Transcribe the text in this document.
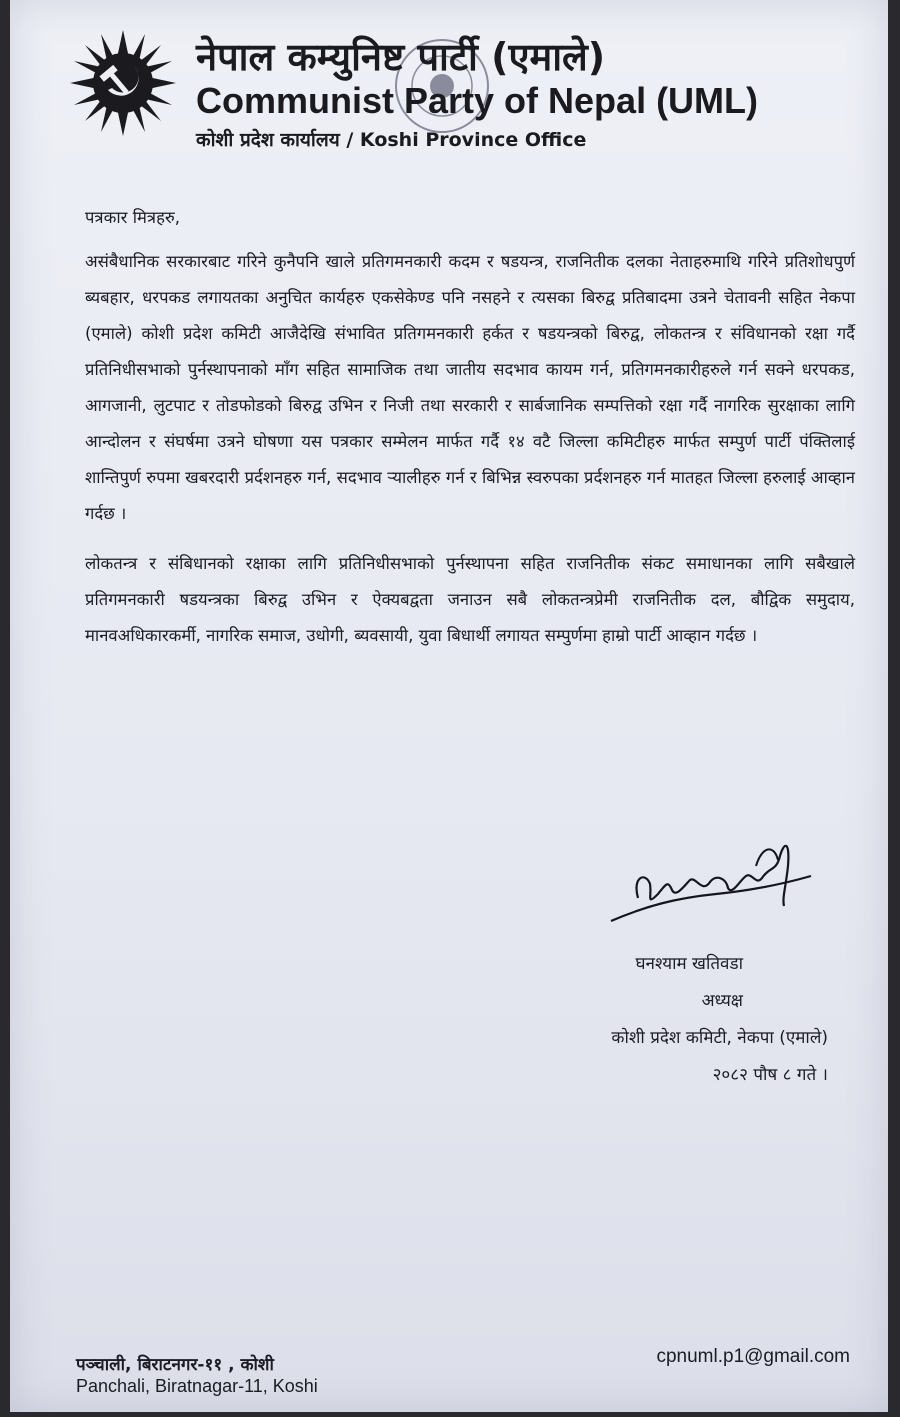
नेपाल कम्युनिष्ट पार्टी (एमाले)
Communist Party of Nepal (UML)
कोशी प्रदेश कार्यालय / Koshi Province Office

पत्रकार मित्रहरु,

असंबैधानिक सरकारबाट गरिने कुनैपनि खाले प्रतिगमनकारी कदम र षडयन्त्र, राजनितीक दलका नेताहरुमाथि गरिने प्रतिशोधपुर्ण ब्यबहार, धरपकड लगायतका अनुचित कार्यहरु एकसेकेण्ड पनि नसहने र त्यसका बिरुद्व प्रतिबादमा उत्रने चेतावनी सहित नेकपा (एमाले) कोशी प्रदेश कमिटी आजैदेखि संभावित प्रतिगमनकारी हर्कत र षडयन्त्रको बिरुद्व, लोकतन्त्र र संविधानको रक्षा गर्दै प्रतिनिधीसभाको पुर्नस्थापनाको माँग सहित सामाजिक तथा जातीय सदभाव कायम गर्न, प्रतिगमनकारीहरुले गर्न सक्ने धरपकड, आगजानी, लुटपाट र तोडफोडको बिरुद्व उभिन र निजी तथा सरकारी र सार्बजानिक सम्पत्तिको रक्षा गर्दै नागरिक सुरक्षाका लागि आन्दोलन र संघर्षमा उत्रने घोषणा यस पत्रकार सम्मेलन मार्फत गर्दै १४ वटै जिल्ला कमिटीहरु मार्फत सम्पुर्ण पार्टी पंक्तिलाई शान्तिपुर्ण रुपमा खबरदारी प्रर्दशनहरु गर्न, सदभाव र्‍यालीहरु गर्न र बिभिन्न स्वरुपका प्रर्दशनहरु गर्न मातहत जिल्ला हरुलाई आव्हान गर्दछ ।

लोकतन्त्र र संबिधानको रक्षाका लागि प्रतिनिधीसभाको पुर्नस्थापना सहित राजनितीक संकट समाधानका लागि सबैखाले प्रतिगमनकारी षडयन्त्रका बिरुद्व उभिन र ऐक्यबद्वता जनाउन सबै लोकतन्त्रप्रेमी राजनितीक दल, बौद्विक समुदाय, मानवअधिकारकर्मी, नागरिक समाज, उधोगी, ब्यवसायी, युवा बिधार्थी लगायत सम्पुर्णमा हाम्रो पार्टी आव्हान गर्दछ ।

घनश्याम खतिवडा
अध्यक्ष
कोशी प्रदेश कमिटी, नेकपा (एमाले)
२०८२ पौष ८ गते ।
पञ्चाली, बिराटनगर-११ , कोशी
Panchali, Biratnagar-11, Koshi
cpnuml.p1@gmail.com
